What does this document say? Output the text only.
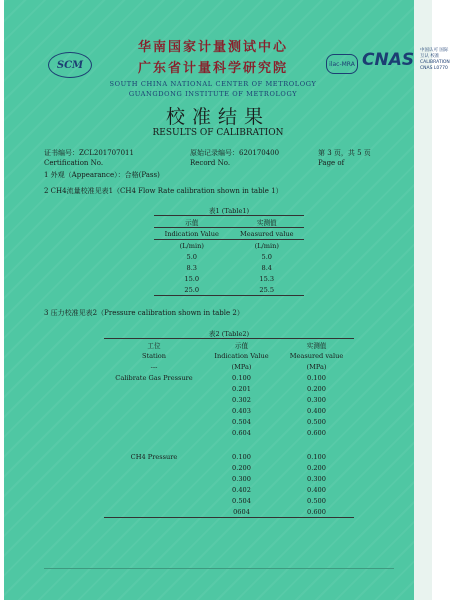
SCM
华南国家计量测试中心
广东省计量科学研究院
SOUTH CHINA NATIONAL CENTER OF METROLOGY
GUANGDONG INSTITUTE OF METROLOGY
ilac-MRA CNAS 中国认可 国际互认 校准 CALIBRATION CNAS L0770
校准结果
RESULTS OF CALIBRATION
证书编号：ZCL201707011
Certification No.
原始记录编号：620170400
Record No.
第 3 页，共 5 页
Page of
1 外观（Appearance）：合格(Pass)
2 CH4流量校准见表1（CH4 Flow Rate calibration shown in table 1）
表1 (Table1)
示值	实测值
Indication Value	Measured value
(L/min)	(L/min)
5.0	5.0
8.3	8.4
15.0	15.3
25.0	25.5
3 压力校准见表2（Pressure calibration shown in table 2）
表2 (Table2)
工位	示值	实测值
Station	Indication Value	Measured value
---	(MPa)	(MPa)
Calibrate Gas Pressure	0.100	0.100
	0.201	0.200
	0.302	0.300
	0.403	0.400
	0.504	0.500
	0.604	0.600

CH4 Pressure	0.100	0.100
	0.200	0.200
	0.300	0.300
	0.402	0.400
	0.504	0.500
	0604	0.600
